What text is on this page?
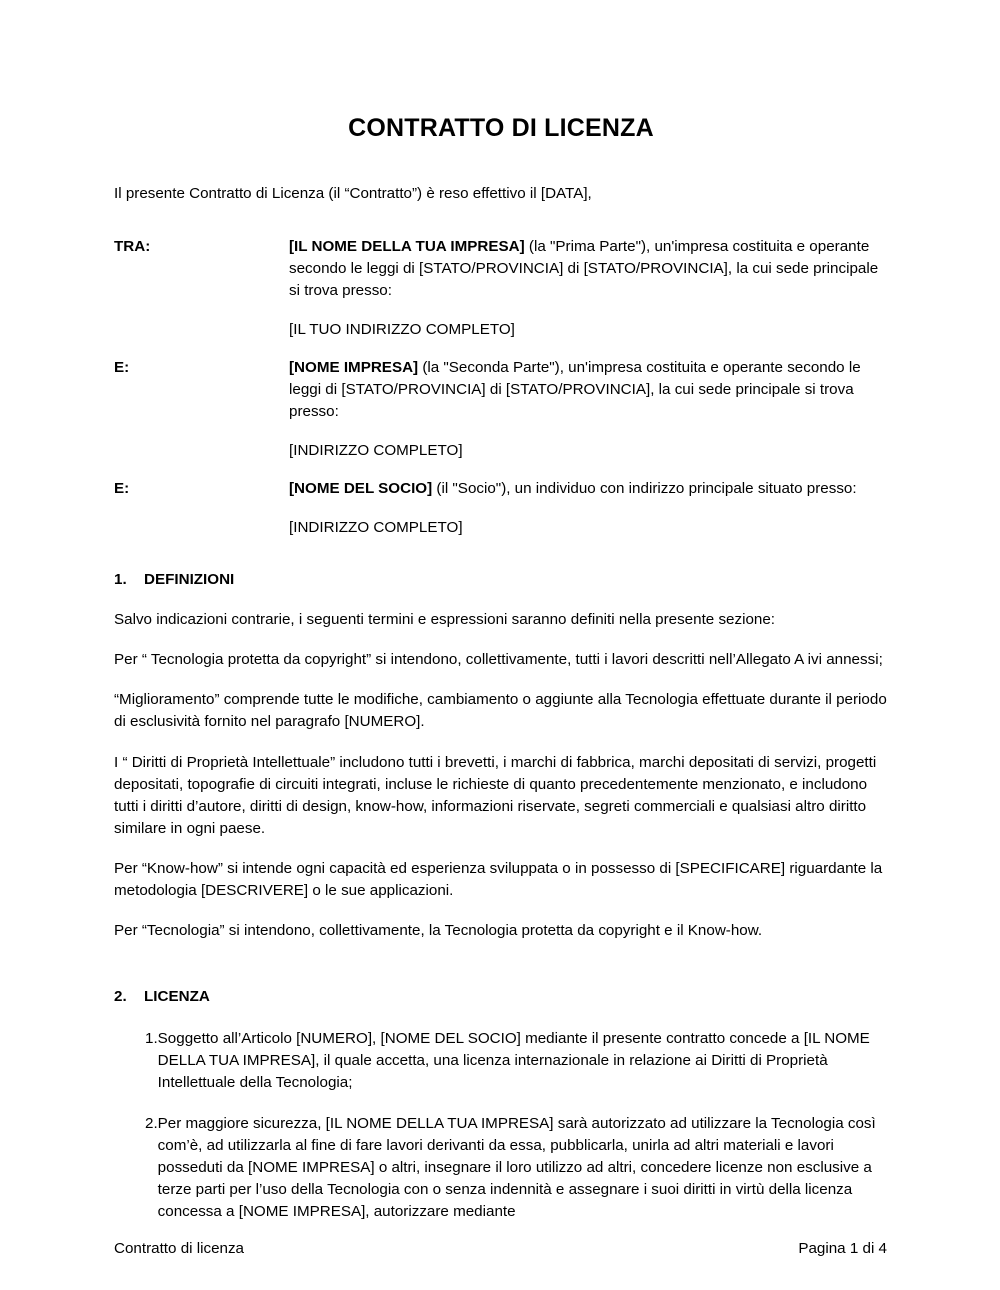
CONTRATTO DI LICENZA

Il presente Contratto di Licenza (il “Contratto”) è reso effettivo il [DATA],

TRA:	[IL NOME DELLA TUA IMPRESA] (la "Prima Parte"), un'impresa costituita e operante secondo le leggi di [STATO/PROVINCIA] di [STATO/PROVINCIA], la cui sede principale si trova presso:

[IL TUO INDIRIZZO COMPLETO]

E:	[NOME IMPRESA] (la "Seconda Parte"), un'impresa costituita e operante secondo le leggi di [STATO/PROVINCIA] di [STATO/PROVINCIA], la cui sede principale si trova presso:

[INDIRIZZO COMPLETO]

E:	[NOME DEL SOCIO] (il "Socio"), un individuo con indirizzo principale situato presso:

[INDIRIZZO COMPLETO]

1.	DEFINIZIONI

Salvo indicazioni contrarie, i seguenti termini e espressioni saranno definiti nella presente sezione:

Per “ Tecnologia protetta da copyright” si intendono, collettivamente, tutti i lavori descritti nell’Allegato A ivi annessi;

“Miglioramento” comprende tutte le modifiche, cambiamento o aggiunte alla Tecnologia effettuate durante il periodo di esclusività fornito nel paragrafo [NUMERO].

I “ Diritti di Proprietà Intellettuale” includono tutti i brevetti, i marchi di fabbrica, marchi depositati di servizi, progetti depositati, topografie di circuiti integrati, incluse le richieste di quanto precedentemente menzionato, e includono tutti i diritti d’autore, diritti di design, know-how, informazioni riservate, segreti commerciali e qualsiasi altro diritto similare in ogni paese.

Per “Know-how” si intende ogni capacità ed esperienza sviluppata o in possesso di [SPECIFICARE] riguardante la metodologia [DESCRIVERE] o le sue applicazioni.

Per “Tecnologia” si intendono, collettivamente, la Tecnologia protetta da copyright e il Know-how.

2.	LICENZA
1. Soggetto all’Articolo [NUMERO], [NOME DEL SOCIO] mediante il presente contratto concede a [IL NOME DELLA TUA IMPRESA], il quale accetta, una licenza internazionale in relazione ai Diritti di Proprietà Intellettuale della Tecnologia;
2. Per maggiore sicurezza, [IL NOME DELLA TUA IMPRESA] sarà autorizzato ad utilizzare la Tecnologia così com’è, ad utilizzarla al fine di fare lavori derivanti da essa, pubblicarla, unirla ad altri materiali e lavori posseduti da [NOME IMPRESA] o altri, insegnare il loro utilizzo ad altri, concedere licenze non esclusive a terze parti per l’uso della Tecnologia con o senza indennità e assegnare i suoi diritti in virtù della licenza concessa a [NOME IMPRESA], autorizzare mediante
Contratto di licenza	Pagina 1 di 4
